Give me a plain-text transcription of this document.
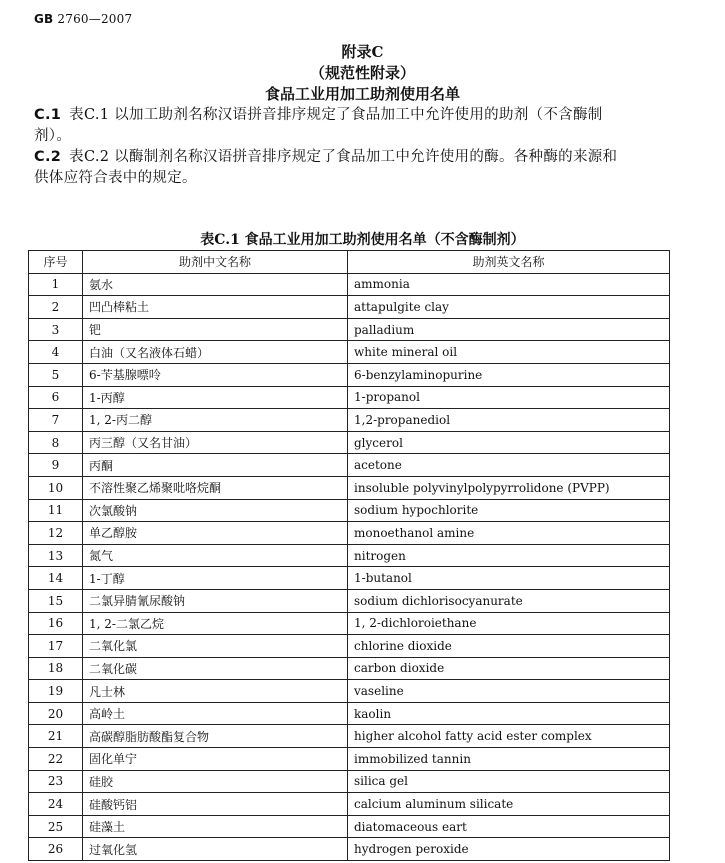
GB 2760—2007
附录C
（规范性附录）
食品工业用加工助剂使用名单
C.1 表C.1 以加工助剂名称汉语拼音排序规定了食品加工中允许使用的助剂（不含酶制
剂）。
C.2 表C.2 以酶制剂名称汉语拼音排序规定了食品加工中允许使用的酶。各种酶的来源和
供体应符合表中的规定。
表C.1 食品工业用加工助剂使用名单（不含酶制剂）
序号	助剂中文名称	助剂英文名称
1	氨水	ammonia
2	凹凸棒粘土	attapulgite clay
3	钯	palladium
4	白油（又名液体石蜡）	white mineral oil
5	6-苄基腺嘌呤	6-benzylaminopurine
6	1-丙醇	1-propanol
7	1, 2-丙二醇	1,2-propanediol
8	丙三醇（又名甘油）	glycerol
9	丙酮	acetone
10	不溶性聚乙烯聚吡咯烷酮	insoluble polyvinylpolypyrrolidone (PVPP)
11	次氯酸钠	sodium hypochlorite
12	单乙醇胺	monoethanol amine
13	氮气	nitrogen
14	1-丁醇	1-butanol
15	二氯异腈氰尿酸钠	sodium dichlorisocyanurate
16	1, 2-二氯乙烷	1, 2-dichloroiethane
17	二氧化氯	chlorine dioxide
18	二氧化碳	carbon dioxide
19	凡士林	vaseline
20	高岭土	kaolin
21	高碳醇脂肪酸酯复合物	higher alcohol fatty acid ester complex
22	固化单宁	immobilized tannin
23	硅胶	silica gel
24	硅酸钙铝	calcium aluminum silicate
25	硅藻土	diatomaceous eart
26	过氧化氢	hydrogen peroxide
